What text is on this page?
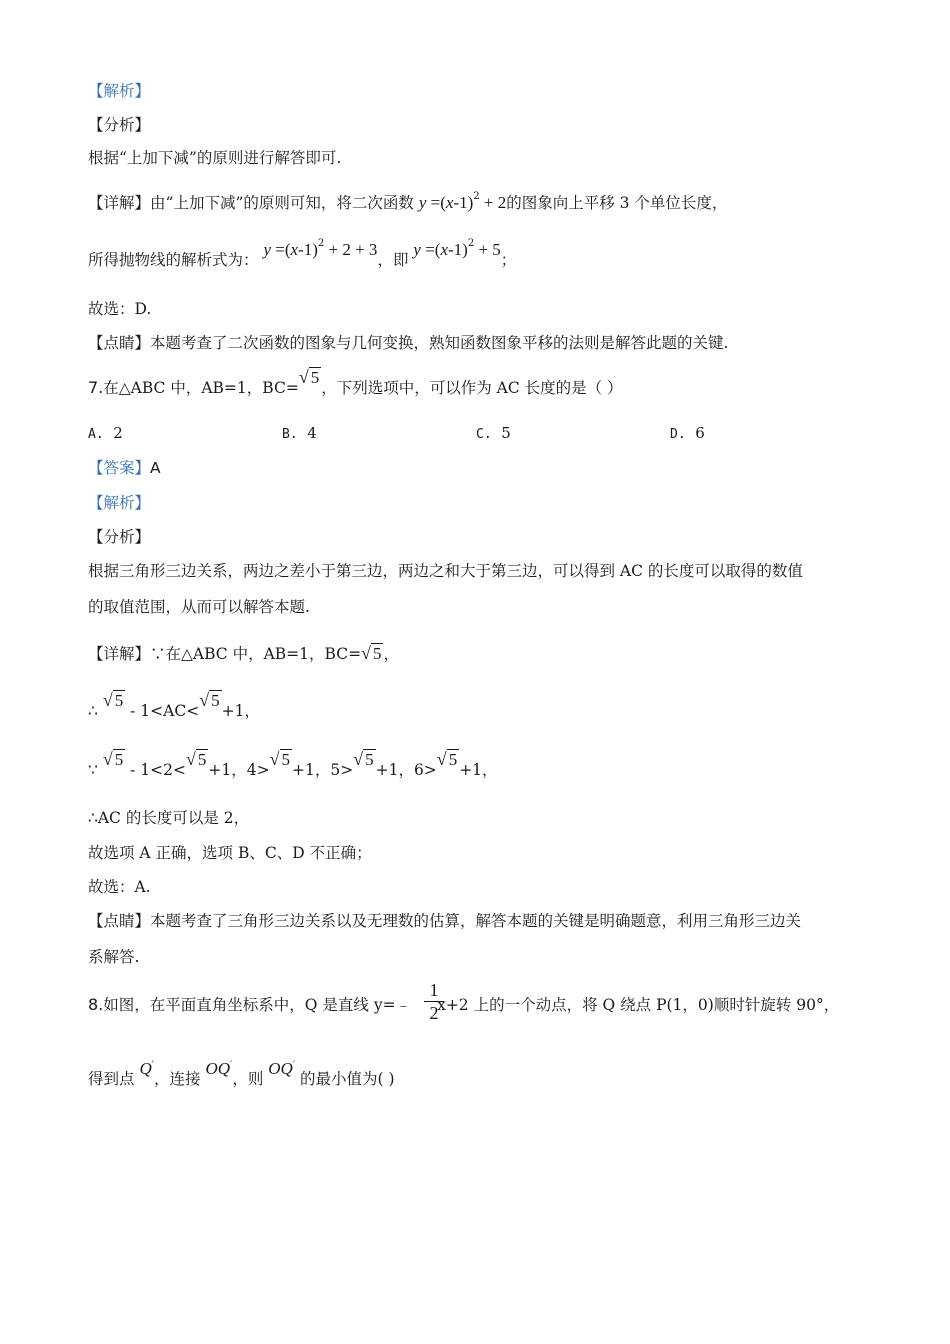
【解析】
【分析】
根据“上加下减”的原则进行解答即可.
【详解】由“上加下减”的原则可知，将二次函数 $y =(x-1)^2 + 2$的图象向上平移 3 个单位长度，
所得抛物线的解析式为： $y =(x-1)^2 + 2 + 3$，即 $y =(x-1)^2 + 5$；
故选：D.
【点睛】本题考查了二次函数的图象与几何变换，熟知函数图象平移的法则是解答此题的关键.
7.在△ABC 中，AB=1，BC=√ 5，下列选项中，可以作为 AC 长度的是（ ）
A. 2	B. 4	C. 5	D. 6
【答案】A
【解析】
【分析】
根据三角形三边关系，两边之差小于第三边，两边之和大于第三边，可以得到 AC 的长度可以取得的数值
的取值范围，从而可以解答本题.
【详解】∵在△ABC 中，AB=1，BC=√ 5 ，
∴ √ 5 - 1<AC<√ 5+1，
∵ √ 5 - 1<2<√ 5+1，4>√ 5+1，5>√ 5+1，6>√ 5+1，
∴AC 的长度可以是 2，
故选项 A 正确，选项 B、C、D 不正确；
故选：A.
【点睛】本题考查了三角形三边关系以及无理数的估算，解答本题的关键是明确题意，利用三角形三边关
系解答.
8.如图，在平面直角坐标系中，Q 是直线 y=﹣ x+2 上的一个动点，将 Q 绕点 P(1，0)顺时针旋转 90°，
$\frac{1}{2}$
得到点 Q′，连接 OQ′，则 OQ′ 的最小值为( )
